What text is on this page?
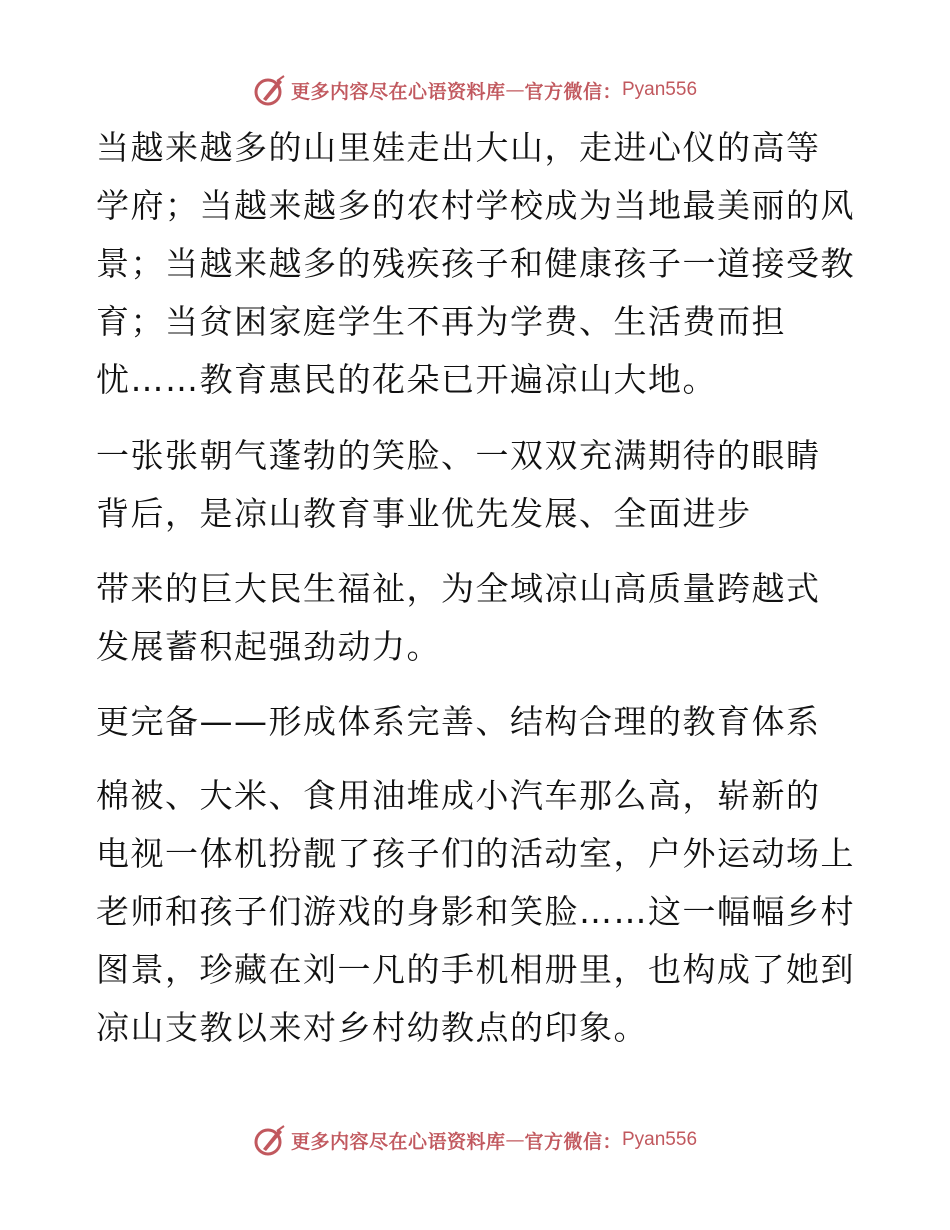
更多内容尽在心语资料库 — 官方微信： Pyan556
当越来越多的山里娃走出大山，走进心仪的高等
学府；当越来越多的农村学校成为当地最美丽的风
景；当越来越多的残疾孩子和健康孩子一道接受教
育；当贫困家庭学生不再为学费、生活费而担
忧……教育惠民的花朵已开遍凉山大地。
一张张朝气蓬勃的笑脸、一双双充满期待的眼睛
背后，是凉山教育事业优先发展、全面进步
带来的巨大民生福祉，为全域凉山高质量跨越式
发展蓄积起强劲动力。
更完备——形成体系完善、结构合理的教育体系
棉被、大米、食用油堆成小汽车那么高，崭新的
电视一体机扮靓了孩子们的活动室，户外运动场上
老师和孩子们游戏的身影和笑脸……这一幅幅乡村
图景，珍藏在刘一凡的手机相册里，也构成了她到
凉山支教以来对乡村幼教点的印象。
更多内容尽在心语资料库 — 官方微信： Pyan556
